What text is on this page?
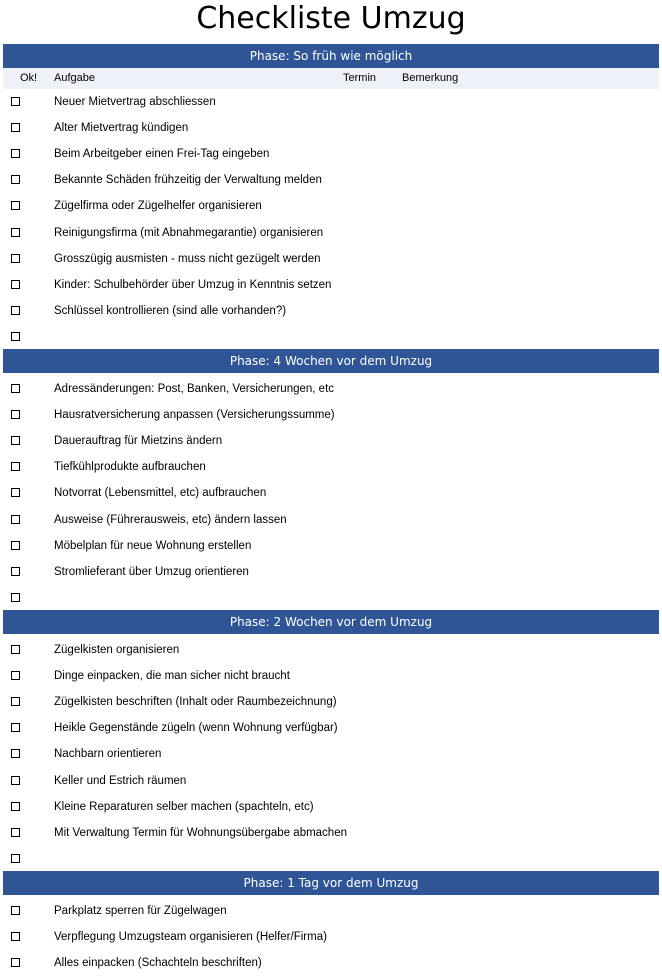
Checkliste Umzug
Phase: So früh wie möglich
Ok! Aufgabe	Termin Bemerkung
Neuer Mietvertrag abschliessen
Alter Mietvertrag kündigen
Beim Arbeitgeber einen Frei-Tag eingeben
Bekannte Schäden frühzeitig der Verwaltung melden
Zügelfirma oder Zügelhelfer organisieren
Reinigungsfirma (mit Abnahmegarantie) organisieren
Grosszügig ausmisten - muss nicht gezügelt werden
Kinder: Schulbehörder über Umzug in Kenntnis setzen
Schlüssel kontrollieren (sind alle vorhanden?)
Phase: 4 Wochen vor dem Umzug
Adressänderungen: Post, Banken, Versicherungen, etc
Hausratversicherung anpassen (Versicherungssumme)
Dauerauftrag für Mietzins ändern
Tiefkühlprodukte aufbrauchen
Notvorrat (Lebensmittel, etc) aufbrauchen
Ausweise (Führerausweis, etc) ändern lassen
Möbelplan für neue Wohnung erstellen
Stromlieferant über Umzug orientieren
Phase: 2 Wochen vor dem Umzug
Zügelkisten organisieren
Dinge einpacken, die man sicher nicht braucht
Zügelkisten beschriften (Inhalt oder Raumbezeichnung)
Heikle Gegenstände zügeln (wenn Wohnung verfügbar)
Nachbarn orientieren
Keller und Estrich räumen
Kleine Reparaturen selber machen (spachteln, etc)
Mit Verwaltung Termin für Wohnungsübergabe abmachen
Phase: 1 Tag vor dem Umzug
Parkplatz sperren für Zügelwagen
Verpflegung Umzugsteam organisieren (Helfer/Firma)
Alles einpacken (Schachteln beschriften)
